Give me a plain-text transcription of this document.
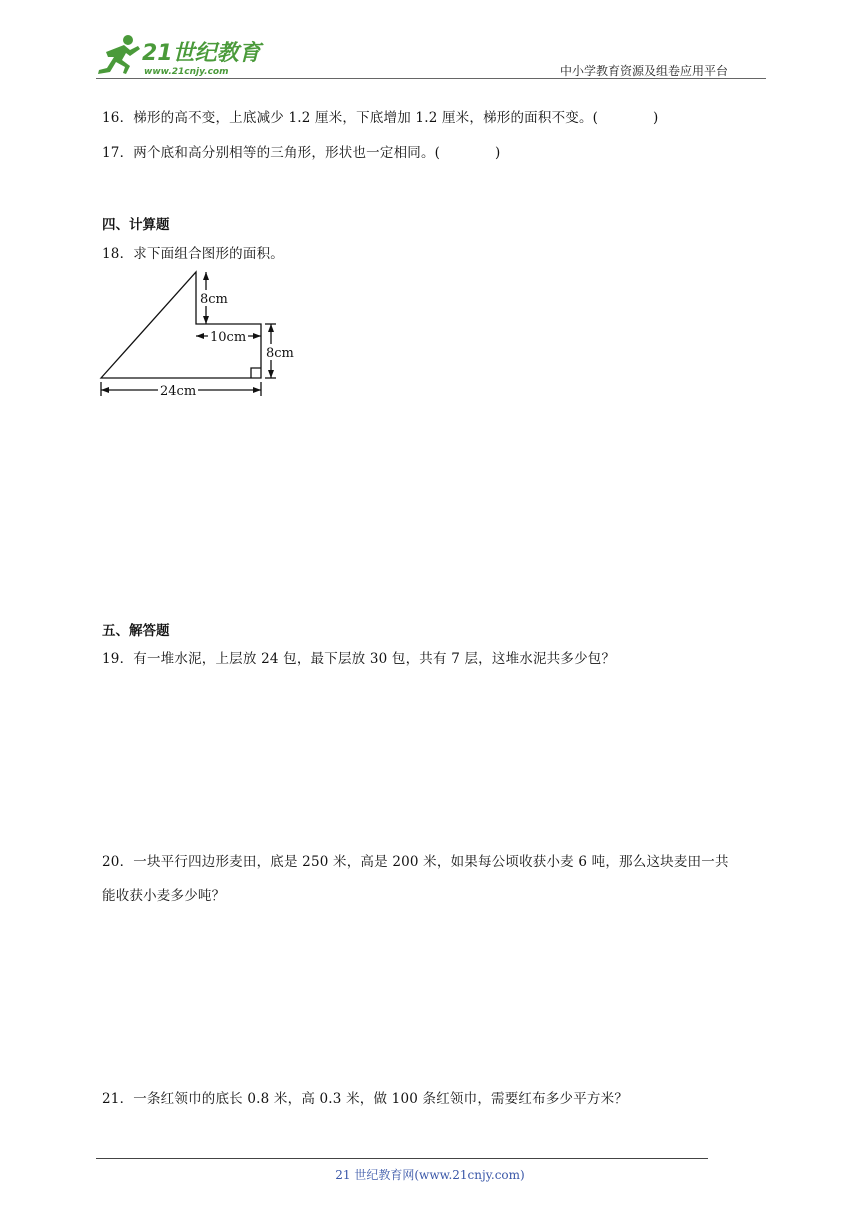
21世纪教育
www.21cnjy.com	中小学教育资源及组卷应用平台
16．梯形的高不变，上底减少 1.2 厘米，下底增加 1.2 厘米，梯形的面积不变。(　　　　)
17．两个底和高分别相等的三角形，形状也一定相同。(　　　　)
四、计算题
18．求下面组合图形的面积。
8cm
10cm
8cm
24cm
五、解答题
19．有一堆水泥，上层放 24 包，最下层放 30 包，共有 7 层，这堆水泥共多少包？
20．一块平行四边形麦田，底是 250 米，高是 200 米，如果每公顷收获小麦 6 吨，那么这块麦田一共
能收获小麦多少吨？
21．一条红领巾的底长 0.8 米，高 0.3 米，做 100 条红领巾，需要红布多少平方米？
21 世纪教育网(www.21cnjy.com)
